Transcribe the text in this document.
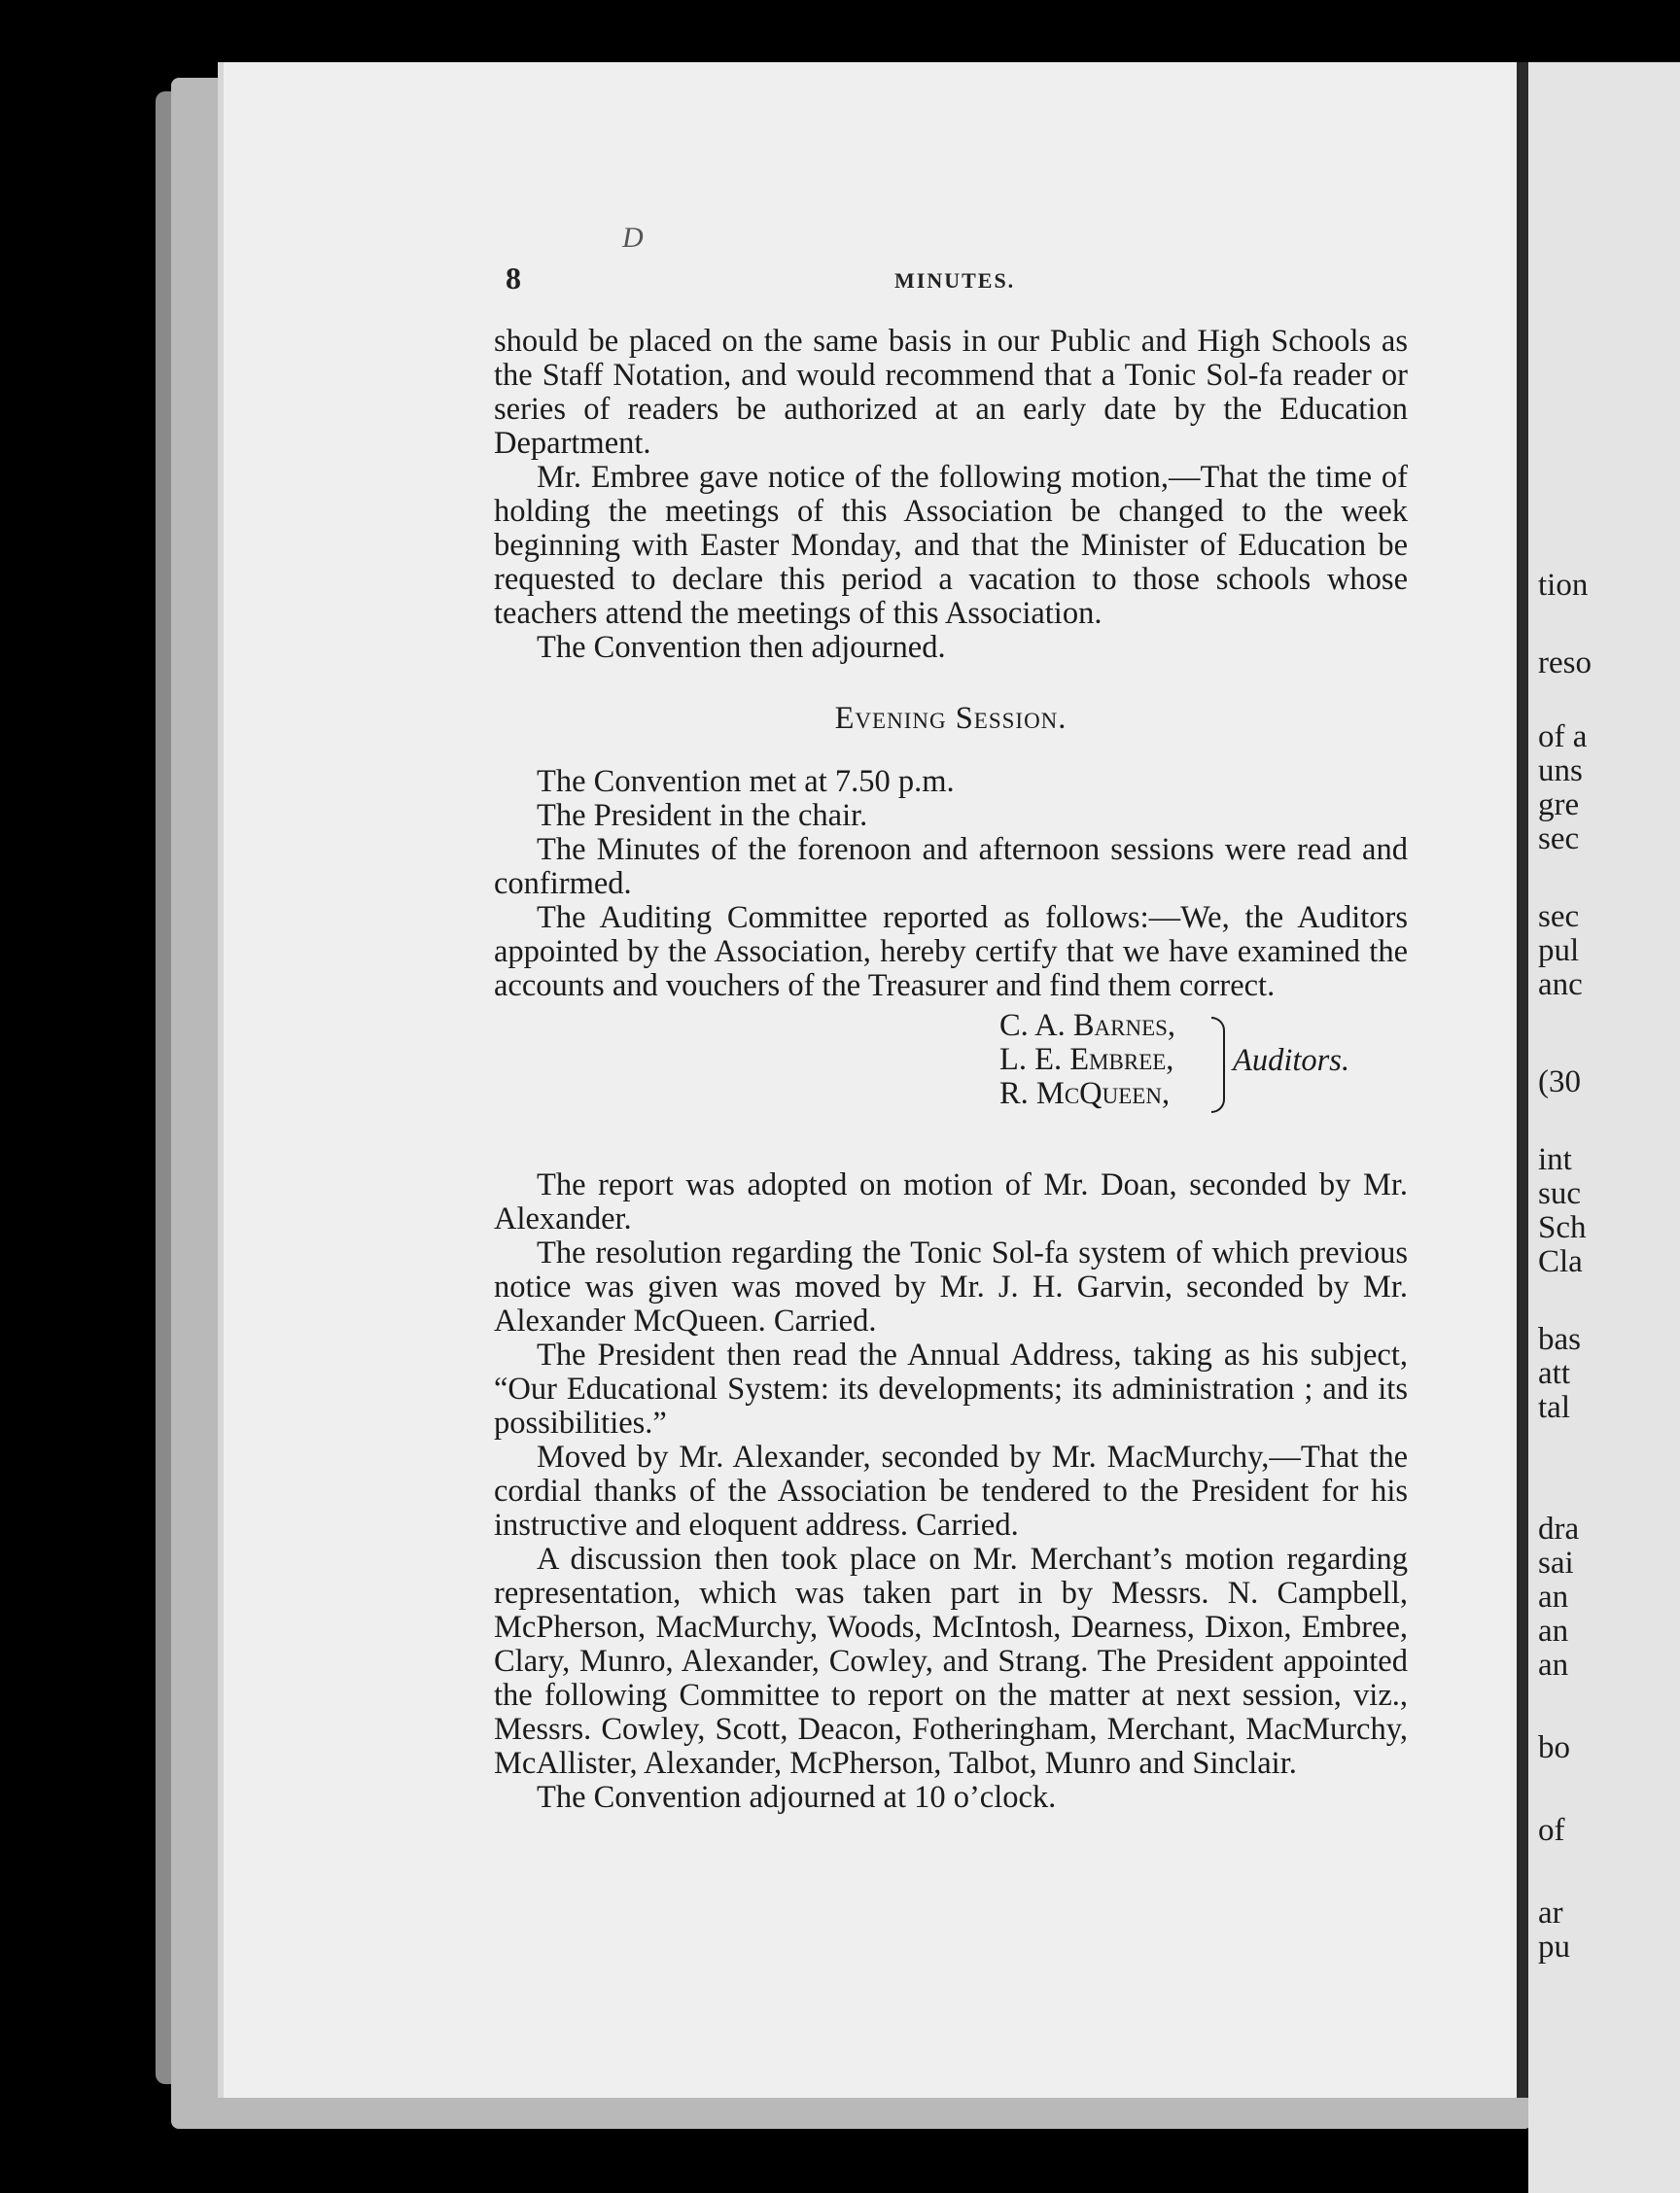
tion
reso
of a
uns
gre
sec
sec
pul
anc
(30
int
suc
Sch
Cla
bas
att
tal
dra
sai
an
an
an
bo
of
ar
pu
D
8	MINUTES.

should be placed on the same basis in our Public and High Schools as the Staff Notation, and would recommend that a Tonic Sol-fa reader or series of readers be authorized at an early date by the Education Department.

Mr. Embree gave notice of the following motion,—That the time of holding the meetings of this Association be changed to the week beginning with Easter Monday, and that the Minister of Education be requested to declare this period a vacation to those schools whose teachers attend the meetings of this Association.

The Convention then adjourned.

Evening Session.

The Convention met at 7.50 p.m.

The President in the chair.

The Minutes of the forenoon and afternoon sessions were read and confirmed.

The Auditing Committee reported as follows:—We, the Auditors appointed by the Association, hereby certify that we have examined the accounts and vouchers of the Treasurer and find them correct.

C. A. Barnes,
L. E. Embree,
R. McQueen,
Auditors.

The report was adopted on motion of Mr. Doan, seconded by Mr. Alexander.

The resolution regarding the Tonic Sol-fa system of which previous notice was given was moved by Mr. J. H. Garvin, seconded by Mr. Alexander McQueen. Carried.

The President then read the Annual Address, taking as his subject, “Our Educational System: its developments; its administration ; and its possibilities.”

Moved by Mr. Alexander, seconded by Mr. MacMurchy,—That the cordial thanks of the Association be tendered to the President for his instructive and eloquent address. Carried.

A discussion then took place on Mr. Merchant’s motion regarding representation, which was taken part in by Messrs. N. Campbell, McPherson, MacMurchy, Woods, McIntosh, Dearness, Dixon, Embree, Clary, Munro, Alexander, Cowley, and Strang. The President appointed the following Committee to report on the matter at next session, viz., Messrs. Cowley, Scott, Deacon, Fotheringham, Merchant, MacMurchy, McAllister, Alexander, McPherson, Talbot, Munro and Sinclair.

The Convention adjourned at 10 o’clock.
